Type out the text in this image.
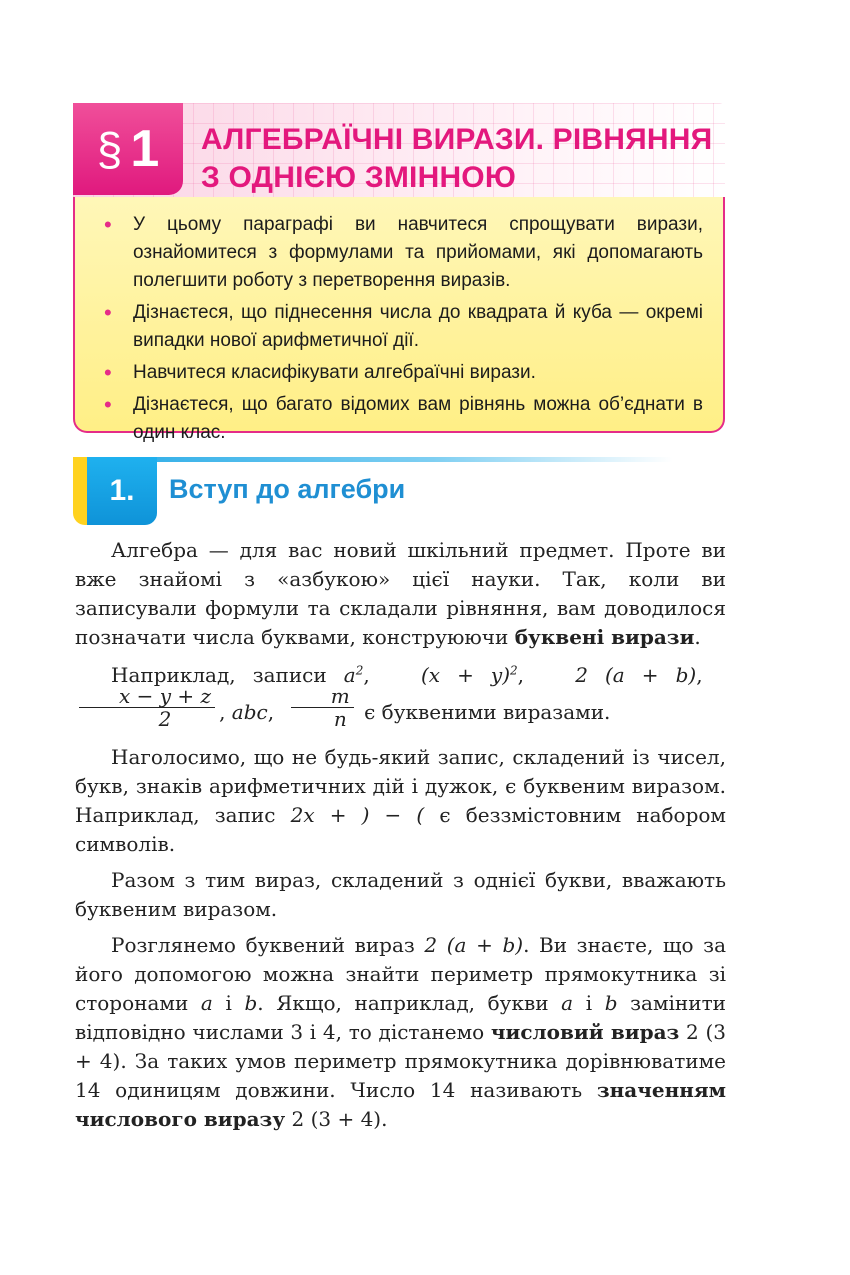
§ 1 АЛГЕБРАЇЧНІ ВИРАЗИ. РІВНЯННЯ
З ОДНІЄЮ ЗМІННОЮ
• У цьому параграфі ви навчитеся спрощувати вирази, ознайомитеся з формулами та прийомами, які допомагають полегшити роботу з перетворення виразів.
• Дізнаєтеся, що піднесення числа до квадрата й куба — окремі випадки нової арифметичної дії.
• Навчитеся класифікувати алгебраїчні вирази.
• Дізнаєтеся, що багато відомих вам рівнянь можна об’єднати в один клас.
1.	Вступ до алгебри

Алгебра — для вас новий шкільний предмет. Проте ви вже знайомі з «азбукою» цієї науки. Так, коли ви записували формули та складали рівняння, вам доводилося позначати числа буквами, конструюючи буквені вирази.

Наприклад, записи $a^2$,   $(x + y)^2$,   2 (a + b),
$\frac{x - y + z}{2}$ , abc, $\frac{m}{n}$ є буквеними виразами.

Наголосимо, що не будь-який запис, складений із чисел, букв, знаків арифметичних дій і дужок, є буквеним виразом. Наприклад, запис 2x + ) − ( є беззмістовним набором символів.

Разом з тим вираз, складений з однієї букви, вважають буквеним виразом.

Розглянемо буквений вираз 2 (a + b). Ви знаєте, що за його допомогою можна знайти периметр прямокутника зі сторонами a і b. Якщо, наприклад, букви a і b замінити відповідно числами 3 і 4, то дістанемо числовий вираз 2 (3 + 4). За таких умов периметр прямокутника дорівнюватиме 14 одиницям довжини. Число 14 називають значенням числового виразу 2 (3 + 4).
